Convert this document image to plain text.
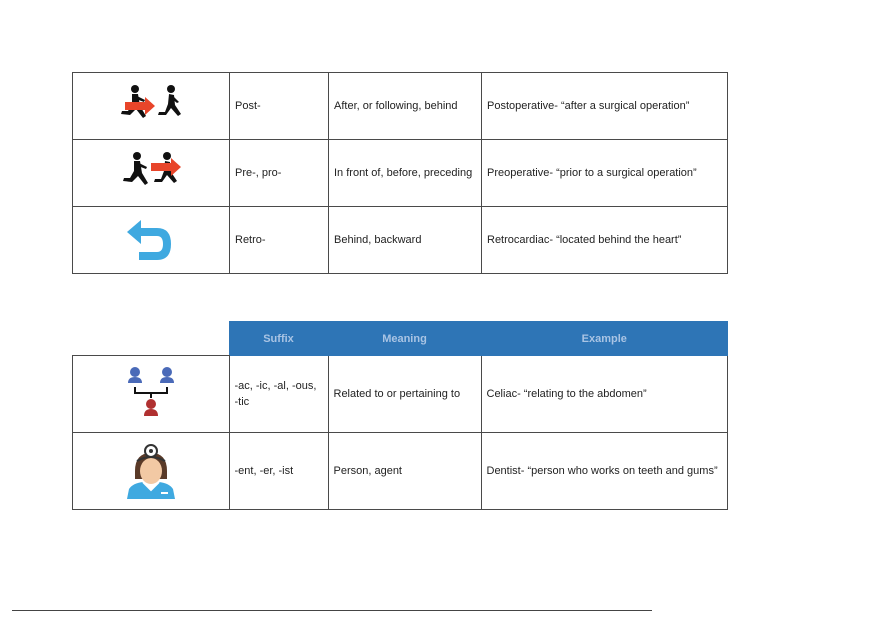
	Post-	After, or following, behind	Postoperative- “after a surgical operation”

	Pre-, pro-	In front of, before, preceding	Preoperative- “prior to a surgical operation”

	Retro-	Behind, backward	Retrocardiac- “located behind the heart”
	Suffix	Meaning	Example

	-ac, -ic, -al, -ous, -tic	Related to or pertaining to	Celiac- “relating to the abdomen”

	-ent, -er, -ist	Person, agent	Dentist- “person who works on teeth and gums”
